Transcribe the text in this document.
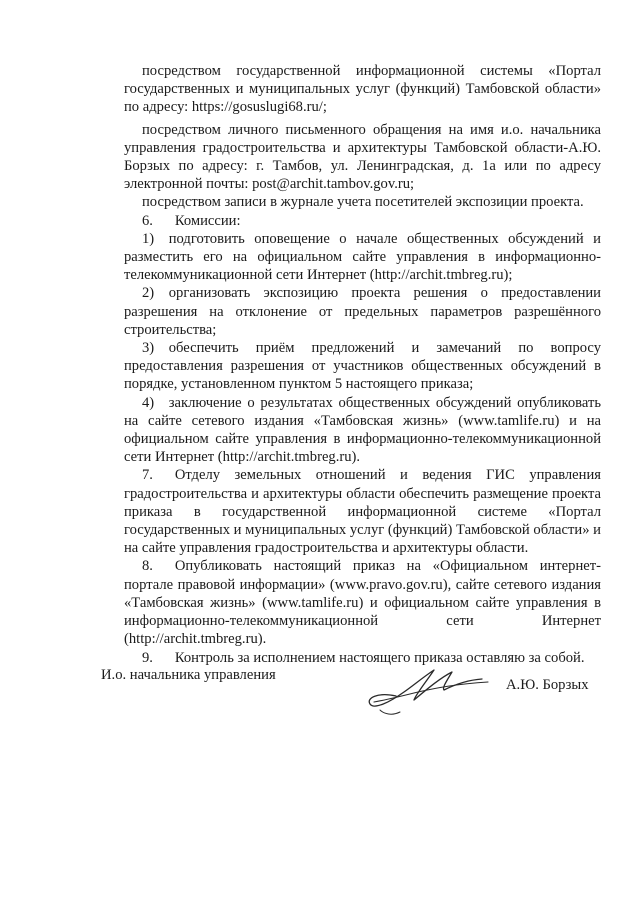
посредством государственной информационной системы «Портал государственных и муниципальных услуг (функций) Тамбовской области» по адресу: https://gosuslugi68.ru/;

посредством личного письменного обращения на имя и.о. начальника управления градостроительства и архитектуры Тамбовской области-А.Ю. Борзых по адресу: г. Тамбов, ул. Ленинградская, д. 1а или по адресу электронной почты: post@archit.tambov.gov.ru;

посредством записи в журнале учета посетителей экспозиции проекта.

6.  Комиссии:

1) подготовить оповещение о начале общественных обсуждений и разместить его на официальном сайте управления в информационно-телекоммуникационной сети Интернет (http://archit.tmbreg.ru);

2) организовать экспозицию проекта решения о предоставлении разрешения на отклонение от предельных параметров разрешённого строительства;

3) обеспечить приём предложений и замечаний по вопросу предоставления разрешения от участников общественных обсуждений в порядке, установленном пунктом 5 настоящего приказа;

4) заключение о результатах общественных обсуждений опубликовать на сайте сетевого издания «Тамбовская жизнь» (www.tamlife.ru) и на официальном сайте управления в информационно-телекоммуникационной сети Интернет (http://archit.tmbreg.ru).

7.  Отделу земельных отношений и ведения ГИС управления градостроительства и архитектуры области обеспечить размещение проекта приказа в государственной информационной системе «Портал государственных и муниципальных услуг (функций) Тамбовской области» и на сайте управления градостроительства и архитектуры области.

8.  Опубликовать настоящий приказ на «Официальном интернет-портале правовой информации» (www.pravo.gov.ru), сайте сетевого издания «Тамбовская жизнь» (www.tamlife.ru) и официальном сайте управления в информационно-телекоммуникационной сети Интернет (http://archit.tmbreg.ru).

9.  Контроль за исполнением настоящего приказа оставляю за собой.

И.о. начальника управления
А.Ю. Борзых
